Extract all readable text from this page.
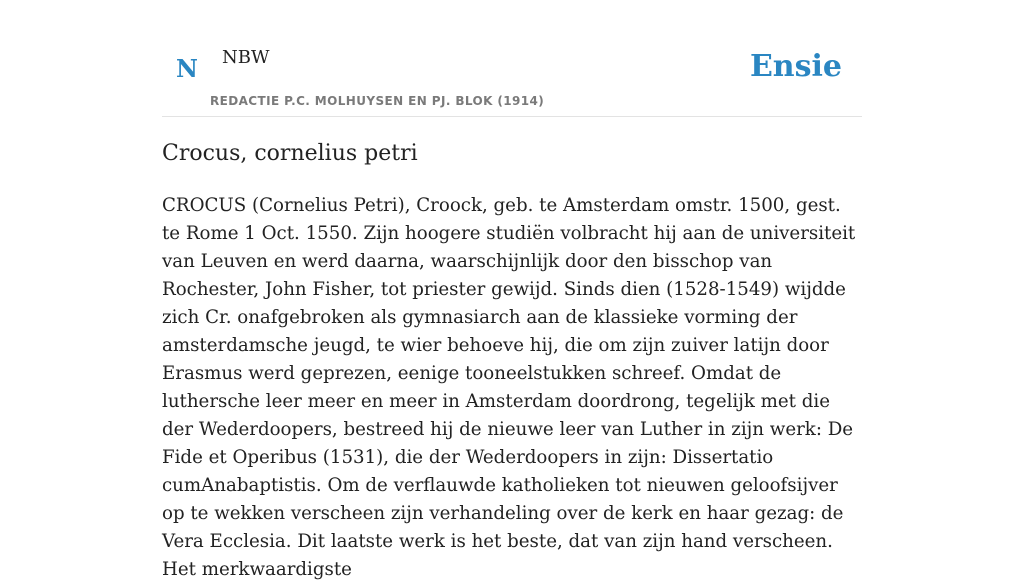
N NBW
REDACTIE P.C. MOLHUYSEN EN PJ. BLOK (1914)
Ensie
Crocus, cornelius petri

CROCUS (Cornelius Petri), Croock, geb. te Amsterdam omstr. 1500, gest. te Rome 1 Oct. 1550. Zijn hoogere studiën volbracht hij aan de universiteit van Leuven en werd daarna, waarschijnlijk door den bisschop van Rochester, John Fisher, tot priester gewijd. Sinds dien (1528-1549) wijdde zich Cr. onafgebroken als gymnasiarch aan de klassieke vorming der amsterdamsche jeugd, te wier behoeve hij, die om zijn zuiver latijn door Erasmus werd geprezen, eenige tooneelstukken schreef. Omdat de luthersche leer meer en meer in Amsterdam doordrong, tegelijk met die der Wederdoopers, bestreed hij de nieuwe leer van Luther in zijn werk: De Fide et Operibus (1531), die der Wederdoopers in zijn: Dissertatio cumAnabaptistis. Om de verflauwde katholieken tot nieuwen geloofsijver op te wekken verscheen zijn verhandeling over de kerk en haar gezag: de Vera Ecclesia. Dit laatste werk is het beste, dat van zijn hand verscheen. Het merkwaardigste
